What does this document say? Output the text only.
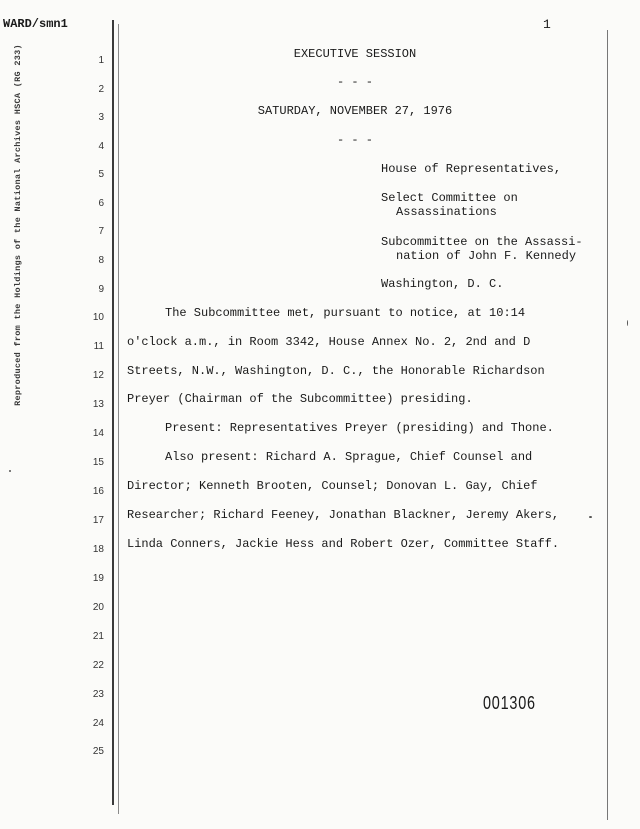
WARD/smn1	1
Reproduced from the Holdings of the National Archives HSCA (RG 233)	1
2
3
4
5
6
7
8
9
10
11
12
13
14
15
16
17
18
19
20
21
22
23
24
25
EXECUTIVE SESSION
- - -
SATURDAY, NOVEMBER 27, 1976
- - -
House of Representatives,
Select Committee on
Assassinations
Subcommittee on the Assassi-
nation of John F. Kennedy
Washington, D. C.
The Subcommittee met, pursuant to notice, at 10:14
o'clock a.m., in Room 3342, House Annex No. 2, 2nd and D
Streets, N.W., Washington, D. C., the Honorable Richardson
Preyer (Chairman of the Subcommittee) presiding.
Present: Representatives Preyer (presiding) and Thone.
Also present: Richard A. Sprague, Chief Counsel and
Director; Kenneth Brooten, Counsel; Donovan L. Gay, Chief
Researcher; Richard Feeney, Jonathan Blackner, Jeremy Akers,
Linda Conners, Jackie Hess and Robert Ozer, Committee Staff.
001306
